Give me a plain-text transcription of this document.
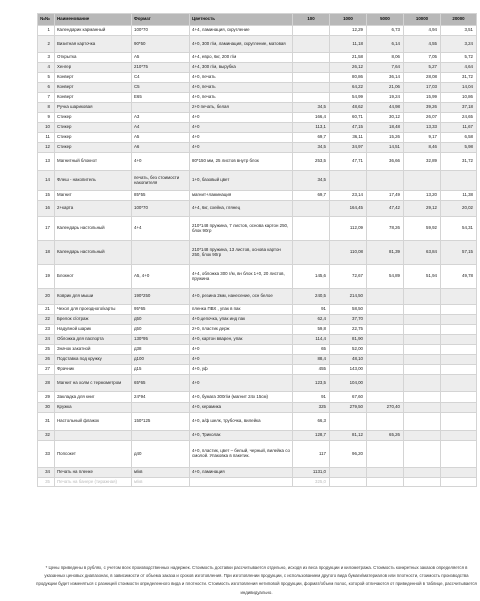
№№	Наименование	Формат	Цветность	100	1000	5000	10000	20000
1	Календарик карманный	100*70	4+4, ламинация, скругление		12,29	6,73	4,94	3,51
2	Визитная карточка	90*50	4+0, 300 г/м, ламинация, скругление, матовая		11,18	6,14	4,55	3,24
3	Открытка	A5	4+4, евро, 6кг, 200 г/м		21,58	8,06	7,05	5,72
4	Хенгер	210*75	4+4, 300 г/м, вырубка		26,12	7,64	5,27	4,64
5	Конверт	C4	4+0, печать		80,86	36,14	28,08	31,72
6	Конверт	C5	4+0, печать		64,22	21,06	17,03	14,04
7	Конверт	E65	4+0, печать		54,99	19,24	15,99	10,86
8	Ручка шариковая		2+0 печать, белая	34,5	48,62	44,98	39,26	37,18
9	Стикер	A3	4+0	166,4	60,71	30,12	26,07	24,65
10	Стикер	A4	4+0	113,1	47,15	18,48	13,33	11,67
11	Стикер	A5	4+0	69,7	36,11	15,26	9,17	6,58
12	Стикер	A6	4+0	34,5	34,97	14,51	8,46	5,98
13	Магнитный блокнот	4+0	80*150 мм, 25 листов внутр блок	253,5	47,71	36,66	32,89	31,72
14	Флеш - накопитель	печать, без стоимости накопителя	1+0, базовый цвет	34,5				
15	Магнит	85*55	магнит+ламинация	69,7	23,14	17,49	13,20	11,38
16	2+карта	100*70	4+4, 6кг, схейна, глянец		164,45	47,42	29,12	20,02
17	Календарь настольный	4+4	210*148 пружина, 7 листов, основа картон 250, блок 90гр		112,09	78,26	59,92	54,31
18	Календарь настольный		210*148 пружина, 13 листов, основа картон 250, блок 90гр		110,08	81,39	63,84	57,15
19	Блокнот	A5, 4+0	4+4, обложка 300 г/м, вн блок 1+0, 20 листов, пружина	145,6	72,67	54,89	51,94	49,78
20	Коврик для мыши	190*250	4+0, резина 2мм, нанесение, осн белое	240,5	214,50			
21	Чехол для проездного/карты	95*65	пленка ПВХ , упак в пак	91	58,50			
22	Брелок с/отраж	д50	4+0,цепочка, упак инд пак	62,4	37,70			
23	Надувной шарик	д50	2+0, пластик держ	59,8	22,75			
24	Обложка для паспорта	130*95	4+0, картон вварен, упак	114,4	81,90			
25	Значок закатной	д38	4+0	65	52,00			
26	Подставка под кружку	д100	4+0	88,4	48,10			
27	Фрачник	д15	4+0, уф	455	143,00			
28	Магнит на холм с термометром	65*65	4+0	123,5	104,00			
29	Закладка для книг	24*94	4+0, бумага 300г/м (магнит 24х 15см)	91	67,60			
30	Кружка		4+0, керамика	325	279,50	270,40		
31	Настольный флажок	150*125	4+0, а/ф шелк, трубочка, вилейка	66,3				
32			4+0, Триколак	128,7	81,12	65,26		
33	Попсокет	д40	4+0, пластик, цвет – белый, черный, вилейка со смолой. Упаковка в пакетик.	117	96,20			
34	Печать на пленке	м/кв	4+0, ламинация	1131,0				
35	Печать на банере (тиражная)	м/кв		325,0				
* Цены приведены в рублях, с учетом всех производственных надержек. Стоимость доставки рассчитывается отдельно, исходя из веса продукции и километража. Стоимость конкретных заказов определяется в указанных ценовых диапазонах, в зависимости от объема заказа и сроков изготовления. При изготовлении продукции, с использованием другого вида бумаги/материалов или плотности, стоимость производства продукции будет изменяться с разницей стоимости определенного вида и плотности. Стоимость изготовления нетиповой продукции, формат/объем полос, которой отличаются от приведенной в таблице, рассчитывается индивидуально.
